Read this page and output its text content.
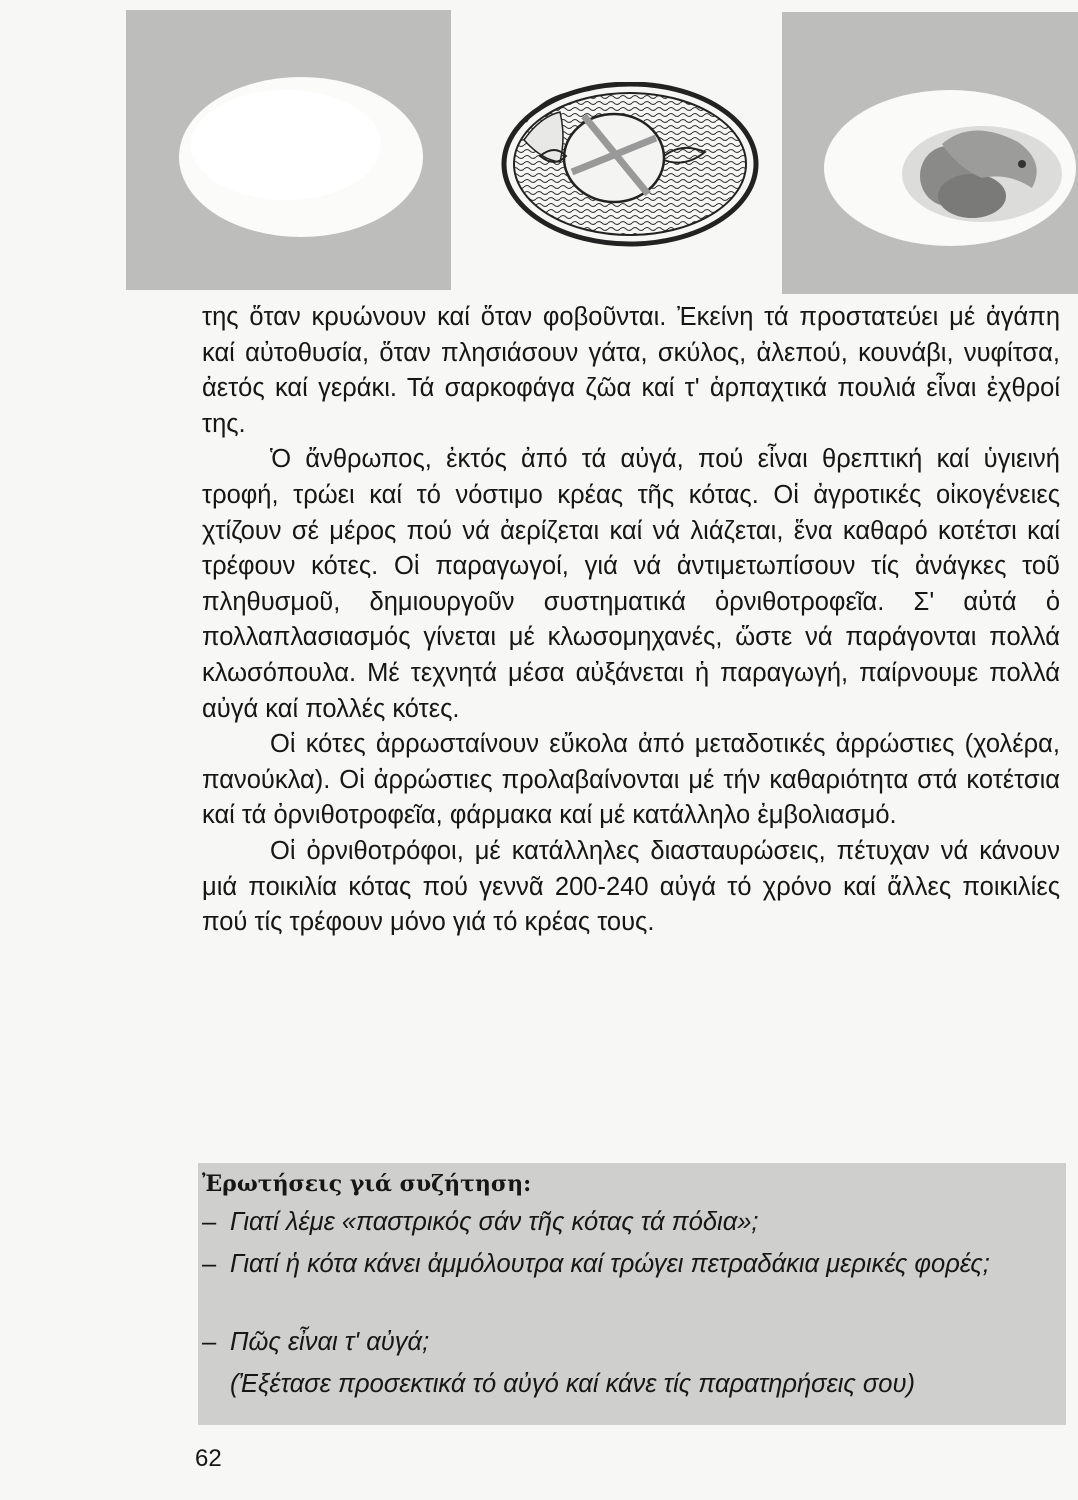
της ὅταν κρυώνουν καί ὅταν φοβοῦνται. Ἐκείνη τά προστατεύει μέ ἀγάπη καί αὐτοθυσία, ὅταν πλησιάσουν γάτα, σκύλος, ἀλεπού, κουνάβι, νυφίτσα, ἀετός καί γεράκι. Τά σαρκοφάγα ζῶα καί τ' ἁρπαχτικά πουλιά εἶναι ἐχθροί της.

Ὁ ἄνθρωπος, ἐκτός ἀπό τά αὐγά, πού εἶναι θρεπτική καί ὑγιεινή τροφή, τρώει καί τό νόστιμο κρέας τῆς κότας. Οἱ ἀγροτικές οἰκογένειες χτίζουν σέ μέρος πού νά ἀερίζεται καί νά λιάζεται, ἕνα καθαρό κοτέτσι καί τρέφουν κότες. Οἱ παραγωγοί, γιά νά ἀντιμετωπίσουν τίς ἀνάγκες τοῦ πληθυσμοῦ, δημιουργοῦν συστηματικά ὀρνιθοτροφεῖα. Σ' αὐτά ὁ πολλαπλασιασμός γίνεται μέ κλωσομηχανές, ὥστε νά παράγονται πολλά κλωσόπουλα. Μέ τεχνητά μέσα αὐξάνεται ἡ παραγωγή, παίρνουμε πολλά αὐγά καί πολλές κότες.

Οἱ κότες ἀρρωσταίνουν εὔκολα ἀπό μεταδοτικές ἀρρώστιες (χολέρα, πανούκλα). Οἱ ἀρρώστιες προλαβαίνονται μέ τήν καθαριότητα στά κοτέτσια καί τά ὀρνιθοτροφεῖα, φάρμακα καί μέ κατάλληλο ἐμβολιασμό.

Οἱ ὀρνιθοτρόφοι, μέ κατάλληλες διασταυρώσεις, πέτυχαν νά κάνουν μιά ποικιλία κότας πού γεννᾶ 200-240 αὐγά τό χρόνο καί ἄλλες ποικιλίες πού τίς τρέφουν μόνο γιά τό κρέας τους.

Ἐρωτήσεις γιά συζήτηση:

– Γιατί λέμε «παστρικός σάν τῆς κότας τά πόδια»;

– Γιατί ἡ κότα κάνει ἀμμόλουτρα καί τρώγει πετραδάκια μερικές φορές;

– Πῶς εἶναι τ' αὐγά;

(Ἐξέτασε προσεκτικά τό αὐγό καί κάνε τίς παρατηρήσεις σου)

62
